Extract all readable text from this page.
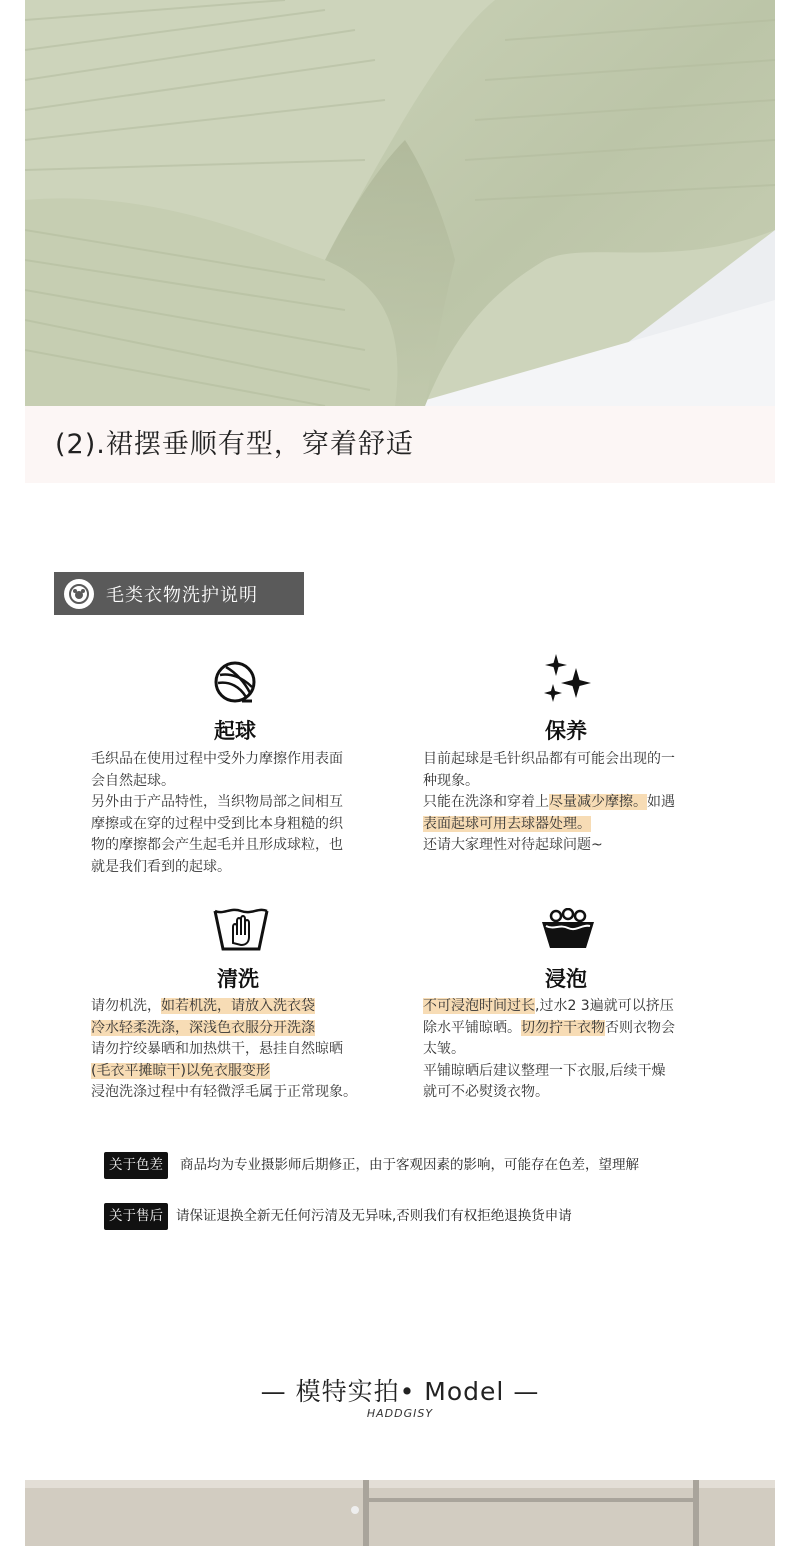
(2).裙摆垂顺有型，穿着舒适
毛类衣物洗护说明
起球
毛织品在使用过程中受外力摩擦作用表面
会自然起球。
另外由于产品特性，当织物局部之间相互
摩擦或在穿的过程中受到比本身粗糙的织
物的摩擦都会产生起毛并且形成球粒，也
就是我们看到的起球。
保养
目前起球是毛针织品都有可能会出现的一
种现象。
只能在洗涤和穿着上尽量减少摩擦。如遇
表面起球可用去球器处理。
还请大家理性对待起球问题~
清洗
请勿机洗，如若机洗，请放入洗衣袋
冷水轻柔洗涤，深浅色衣服分开洗涤
请勿拧绞暴晒和加热烘干，悬挂自然晾晒
(毛衣平摊晾干)以免衣服变形
浸泡洗涤过程中有轻微浮毛属于正常现象。
浸泡
不可浸泡时间过长,过水2 3遍就可以挤压
除水平铺晾晒。切勿拧干衣物否则衣物会
太皱。
平铺晾晒后建议整理一下衣服,后续干燥
就可不必熨烫衣物。
关于色差	商品均为专业摄影师后期修正，由于客观因素的影响，可能存在色差，望理解
关于售后 请保证退换全新无任何污清及无异味,否则我们有权拒绝退换货申请
— 模特实拍• Model —
HADDGISY
